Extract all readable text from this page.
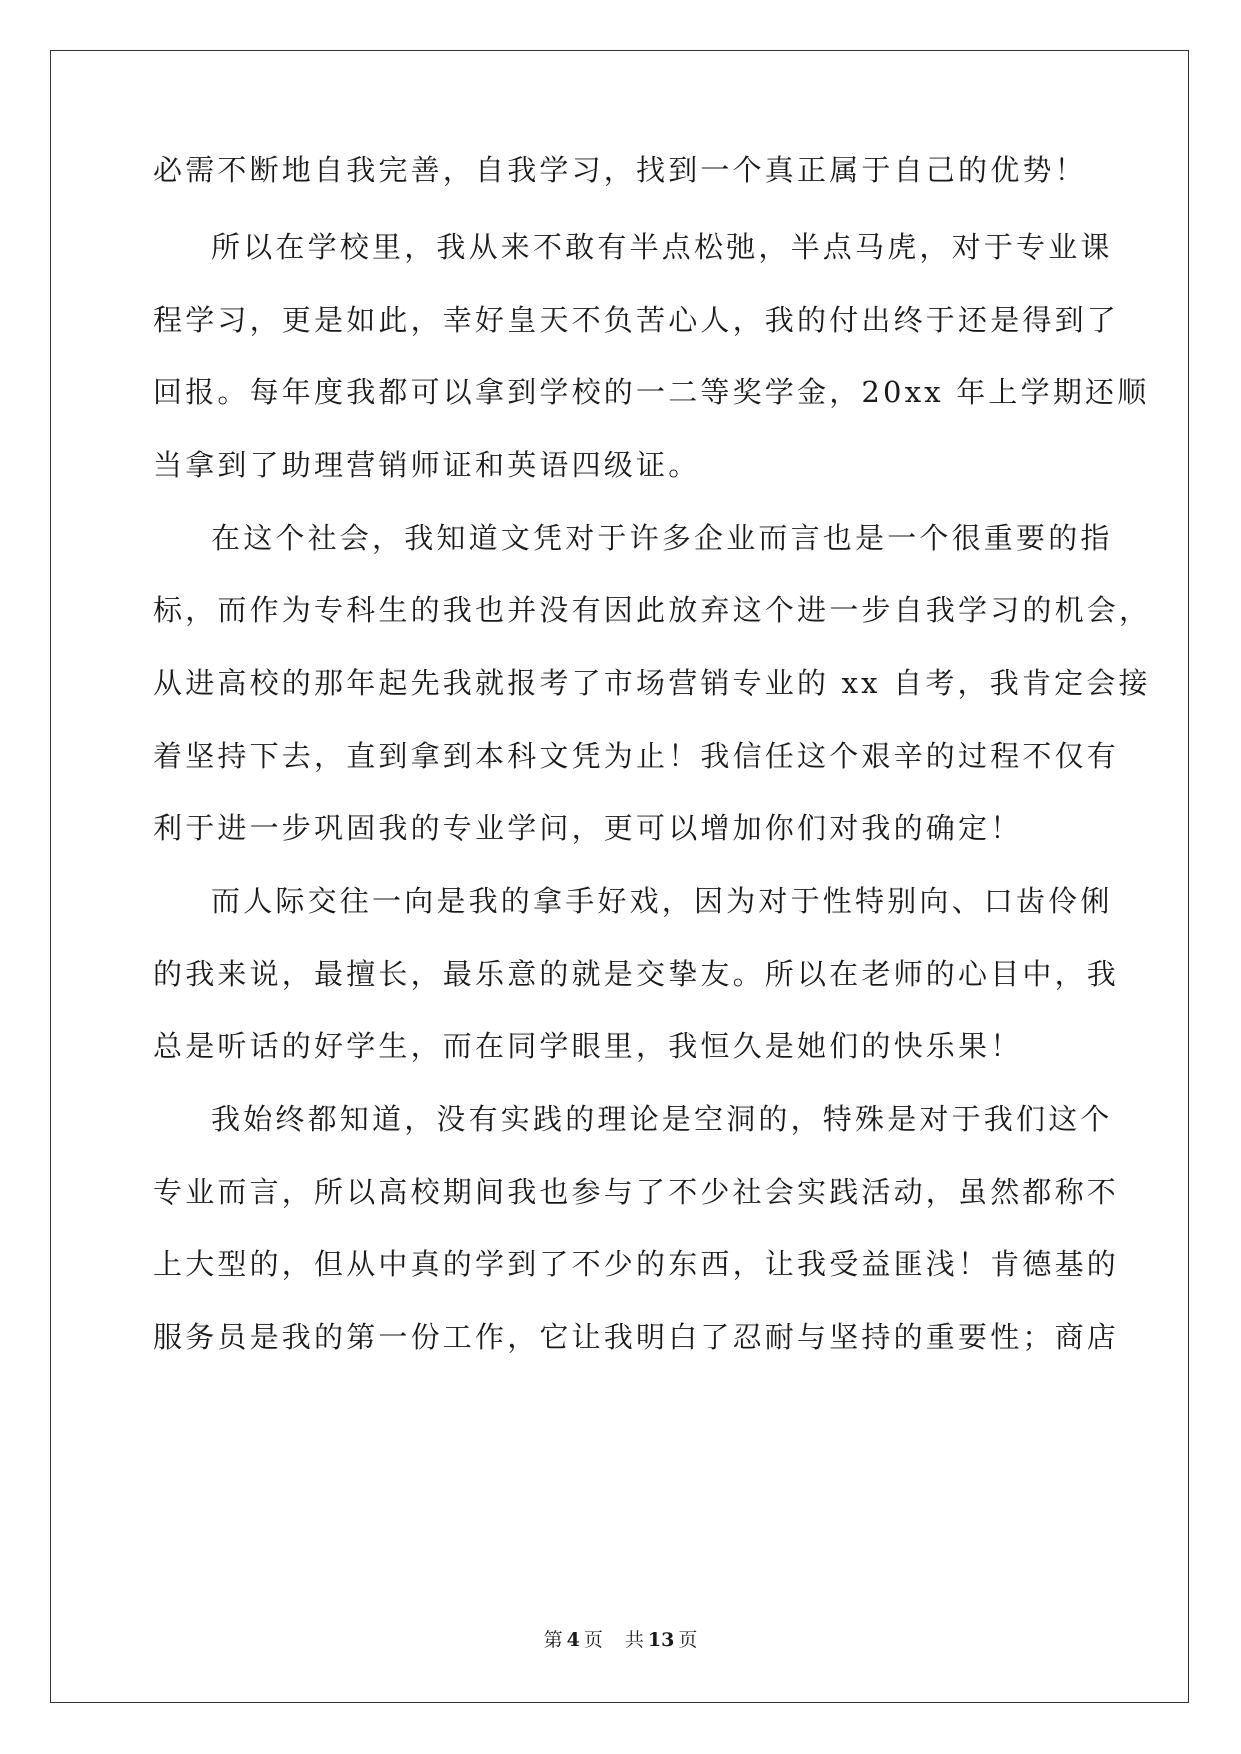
必需不断地自我完善，自我学习，找到一个真正属于自己的优势！
所以在学校里，我从来不敢有半点松弛，半点马虎，对于专业课
程学习，更是如此，幸好皇天不负苦心人，我的付出终于还是得到了
回报。每年度我都可以拿到学校的一二等奖学金，20xx 年上学期还顺
当拿到了助理营销师证和英语四级证。
在这个社会，我知道文凭对于许多企业而言也是一个很重要的指
标，而作为专科生的我也并没有因此放弃这个进一步自我学习的机会，
从进高校的那年起先我就报考了市场营销专业的 xx 自考，我肯定会接
着坚持下去，直到拿到本科文凭为止！我信任这个艰辛的过程不仅有
利于进一步巩固我的专业学问，更可以增加你们对我的确定！
而人际交往一向是我的拿手好戏，因为对于性特别向、口齿伶俐
的我来说，最擅长，最乐意的就是交挚友。所以在老师的心目中，我
总是听话的好学生，而在同学眼里，我恒久是她们的快乐果！
我始终都知道，没有实践的理论是空洞的，特殊是对于我们这个
专业而言，所以高校期间我也参与了不少社会实践活动，虽然都称不
上大型的，但从中真的学到了不少的东西，让我受益匪浅！肯德基的
服务员是我的第一份工作，它让我明白了忍耐与坚持的重要性；商店
第 4 页 共 13 页
